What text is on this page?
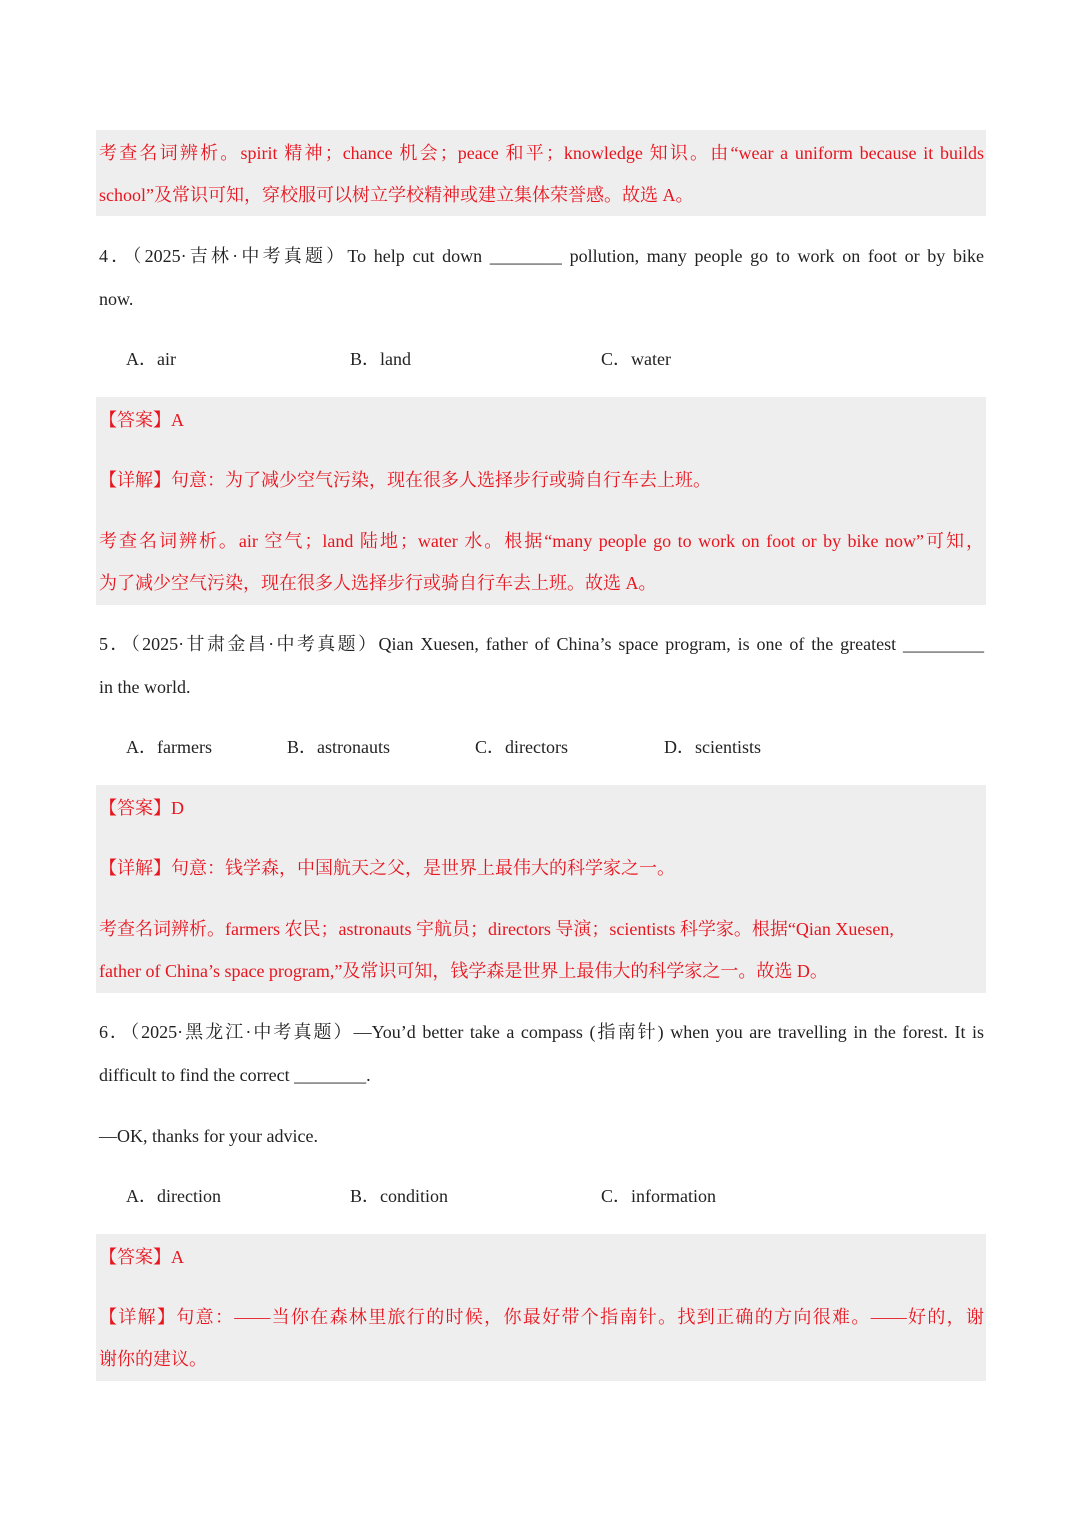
考查名词辨析。spirit 精神；chance 机会；peace 和平；knowledge 知识。由“wear a uniform because it builds
school”及常识可知，穿校服可以树立学校精神或建立集体荣誉感。故选 A。
4．（2025·吉林·中考真题）To help cut down ________ pollution, many people go to work on foot or by bike
now.
A．air	B．land	C．water
【答案】A
【详解】句意：为了减少空气污染，现在很多人选择步行或骑自行车去上班。
考查名词辨析。air 空气；land 陆地；water 水。根据“many people go to work on foot or by bike now”可知，
为了减少空气污染，现在很多人选择步行或骑自行车去上班。故选 A。
5．（2025·甘肃金昌·中考真题）Qian Xuesen, father of China’s space program, is one of the greatest _________
in the world.
A．farmers	B．astronauts	C．directors	D．scientists
【答案】D
【详解】句意：钱学森，中国航天之父，是世界上最伟大的科学家之一。
考查名词辨析。farmers 农民；astronauts 宇航员；directors 导演；scientists 科学家。根据“Qian Xuesen,
father of China’s space program,”及常识可知，钱学森是世界上最伟大的科学家之一。故选 D。
6．（2025·黑龙江·中考真题）—You’d better take a compass (指南针) when you are travelling in the forest. It is
difficult to find the correct ________.
—OK, thanks for your advice.
A．direction	B．condition	C．information
【答案】A
【详解】句意：——当你在森林里旅行的时候，你最好带个指南针。找到正确的方向很难。——好的，谢
谢你的建议。
